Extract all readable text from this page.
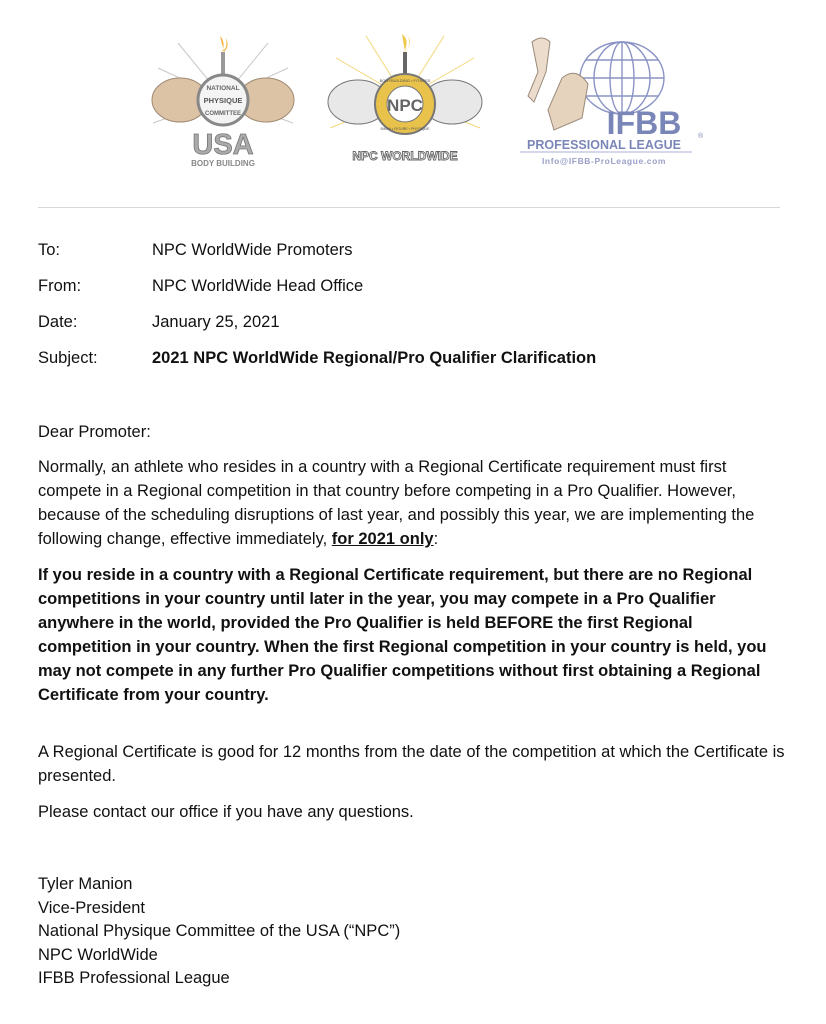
NATIONAL
PHYSIQUE
COMMITTEE
USA
BODY BUILDING
BODYBUILDING • FITNESS
NPC
BIKINI • FIGURE • PHYSIQUE
NPC WORLDWIDE
IFBB ®
PROFESSIONAL LEAGUE
Info@IFBB-ProLeague.com
To:	NPC WorldWide Promoters
From:	NPC WorldWide Head Office
Date:	January 25, 2021
Subject:	2021 NPC WorldWide Regional/Pro Qualifier Clarification

Dear Promoter:

Normally, an athlete who resides in a country with a Regional Certificate requirement must first compete in a Regional competition in that country before competing in a Pro Qualifier. However, because of the scheduling disruptions of last year, and possibly this year, we are implementing the following change, effective immediately, for 2021 only:

If you reside in a country with a Regional Certificate requirement, but there are no Regional competitions in your country until later in the year, you may compete in a Pro Qualifier anywhere in the world, provided the Pro Qualifier is held BEFORE the first Regional competition in your country. When the first Regional competition in your country is held, you may not compete in any further Pro Qualifier competitions without first obtaining a Regional Certificate from your country.

A Regional Certificate is good for 12 months from the date of the competition at which the Certificate is presented.

Please contact our office if you have any questions.

Tyler Manion
Vice-President
National Physique Committee of the USA (“NPC”)
NPC WorldWide
IFBB Professional League
